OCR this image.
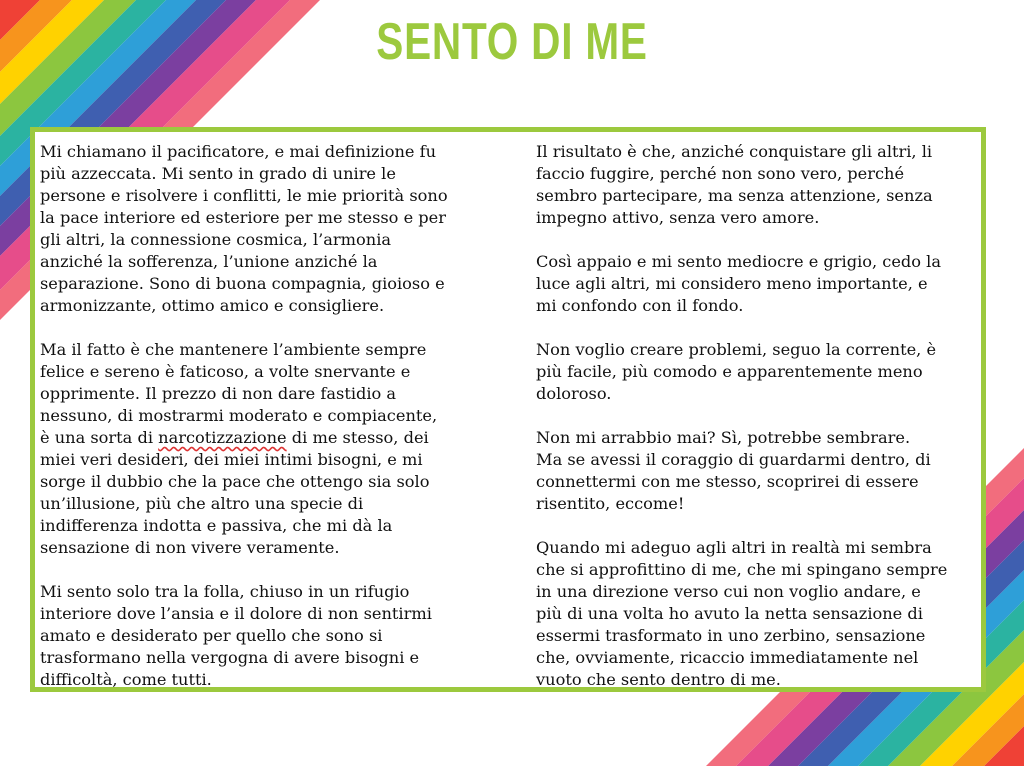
SENTO DI ME

Mi chiamano il pacificatore, e mai definizione fu
più azzeccata. Mi sento in grado di unire le
persone e risolvere i conflitti, le mie priorità sono
la pace interiore ed esteriore per me stesso e per
gli altri, la connessione cosmica, l’armonia
anziché la sofferenza, l’unione anziché la
separazione. Sono di buona compagnia, gioioso e
armonizzante, ottimo amico e consigliere.

Ma il fatto è che mantenere l’ambiente sempre
felice e sereno è faticoso, a volte snervante e
opprimente. Il prezzo di non dare fastidio a
nessuno, di mostrarmi moderato e compiacente,
è una sorta di narcotizzazione di me stesso, dei
miei veri desideri, dei miei intimi bisogni, e mi
sorge il dubbio che la pace che ottengo sia solo
un’illusione, più che altro una specie di
indifferenza indotta e passiva, che mi dà la
sensazione di non vivere veramente.

Mi sento solo tra la folla, chiuso in un rifugio
interiore dove l’ansia e il dolore di non sentirmi
amato e desiderato per quello che sono si
trasformano nella vergogna di avere bisogni e
difficoltà, come tutti.

Il risultato è che, anziché conquistare gli altri, li
faccio fuggire, perché non sono vero, perché
sembro partecipare, ma senza attenzione, senza
impegno attivo, senza vero amore.

Così appaio e mi sento mediocre e grigio, cedo la
luce agli altri, mi considero meno importante, e
mi confondo con il fondo.

Non voglio creare problemi, seguo la corrente, è
più facile, più comodo e apparentemente meno
doloroso.

Non mi arrabbio mai? Sì, potrebbe sembrare.
Ma se avessi il coraggio di guardarmi dentro, di
connettermi con me stesso, scoprirei di essere
risentito, eccome!

Quando mi adeguo agli altri in realtà mi sembra
che si approfittino di me, che mi spingano sempre
in una direzione verso cui non voglio andare, e
più di una volta ho avuto la netta sensazione di
essermi trasformato in uno zerbino, sensazione
che, ovviamente, ricaccio immediatamente nel
vuoto che sento dentro di me.
